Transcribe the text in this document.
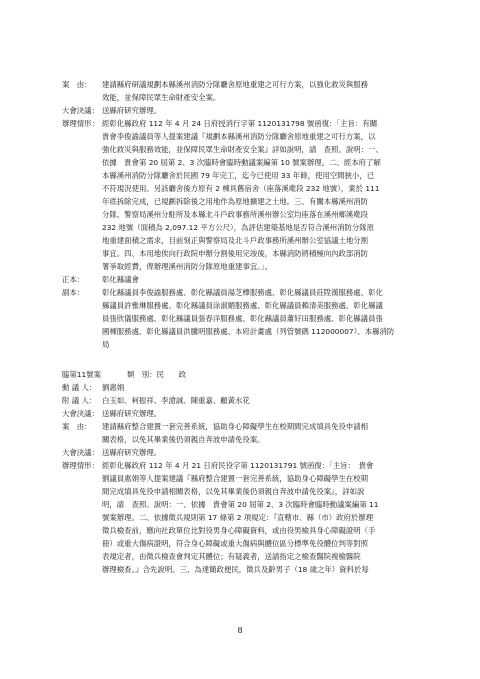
案　由： 建請縣府研議規劃本縣溪州消防分隊廳舍原地重建之可行方案，以強化救災與服務
效能，並保障民眾生命財產安全案。
大會決議： 送縣府研究辦理。
辦理情形： 經彰化縣政府 112 年 4 月 24 日府授消行字第 1120131798 號函復：「主旨：有關
貴會李俊諭議員等人提案建議『規劃本縣溪州消防分隊廳舍原地重建之可行方案，以
強化救災與服務效能，並保障民眾生命財產安全案』詳如說明，請　查照。說明：一、
依據　貴會第 20 屆第 2、3 次臨時會臨時動議案編第 10 號案辦理。二、經本府了解
本縣溪州消防分隊廳舍於民國 79 年完工，迄今已使用 33 年餘，使用空間狹小，已
不符現況使用。另該廳舍後方原有 2 棟具舊宿舍（座落溪墘段 232 地號），業於 111
年底拆除完成，已規劃拆除後之用地作為原地擴建之土地。三、有關本縣溪州消防
分隊、警察局溪州分駐所及本縣北斗戶政事務所溪州辦公室均座落在溪州鄉溪墘段
232 地號（面積為 2,097.12 平方公尺），為評估建築基地是否符合溪州消防分隊原
地重建面積之需求，目前刻正與警察局及北斗戶政事務所溪州辦公室協議土地分割
事宜。四、本用地俟向行政院申辦分割後用完竣後，本縣消防將積極向內政部消防
署爭取經費，俾辦理溪州消防分隊原地重建事宜。」。
正本： 彰化縣議會
副本： 彰化縣議員李俊諭服務處、彰化縣議員湯芝樺服務處、彰化縣議員莊陞漢服務處、彰化
縣議員許雅琳服務處、彰化縣議員涂淑媚服務處、彰化縣議員賴清美服務處、彰化縣議
員張欣儀服務處、彰化縣議員張春洋服務處、彰化縣議員蕭好田服務處、彰化縣議員張
國棟服務處、彰化縣議員洪騰明服務處、本府計畫處（列管號碼 112000007）、本縣消防
局
臨第11號案	類　別：民　　政
動 議 人： 劉惠娟
附 議 人： 白玉如、柯振祥、李滄誠、陳重嘉、顧黃水花
大會決議： 送縣府研究辦理。
案　由： 建請縣府整合建置一套完善系統，協助身心障礙學生在校期間完成填具免役申請相
關表格，以免其畢業後仍須親自奔波申請免役案。
大會決議： 送縣府研究辦理。
辦理情形： 經彰化縣政府 112 年 4 月 21 日府民役字第 1120131791 號函復：「主旨：　貴會
劉議員惠娟等人提案建議『縣府整合建置一套完善系統，協助身心障礙學生在校期
間完成填具免役申請相關表格，以免其畢業後仍須親自奔波申請免役案』，詳如說
明，請　查照。說明：一、依據　貴會第 20 屆第 2、3 次臨時會臨時動議案編第 11
號案辦理。二、依據徵兵規則第 17 條第 2 項規定：『直轄市、縣（市）政府於辦理
徵兵檢查前，應向社政單位比對役男身心障礙資料，或由役男檢具身心障礙證明（手
冊）或重大傷病證明，符合身心障礙或重大傷病與體位區分標準免役體位判等對照
表規定者，由徵兵檢查會判定其體位；有疑義者，送請指定之檢查醫院複檢醫院
辦理檢查。』合先說明。三、為達簡政便民，徵兵及齡男子（18 歲之年）資料於每
8
